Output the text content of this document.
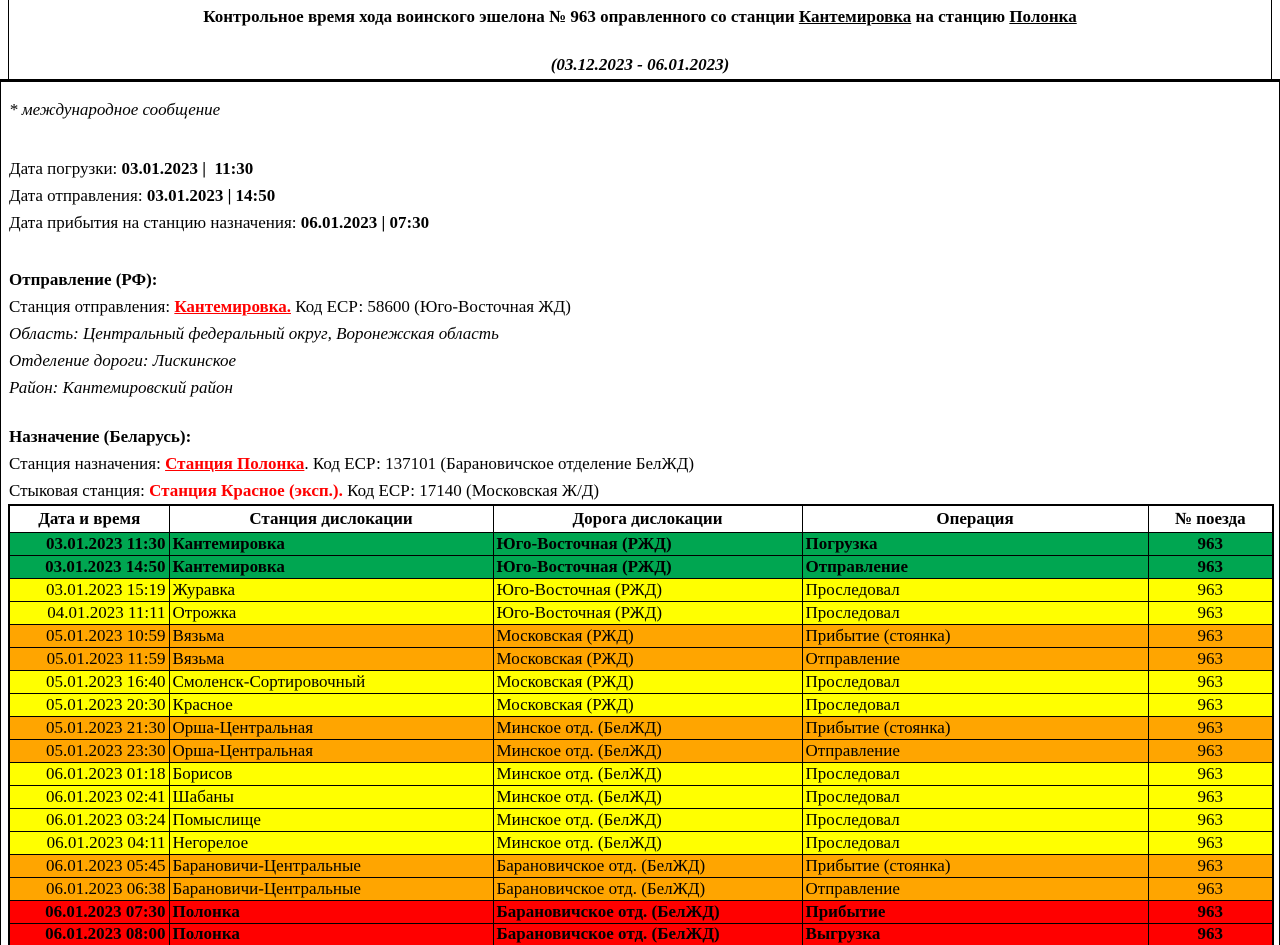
Контрольное время хода воинского эшелона № 963 оправленного со станции Кантемировка на станцию Полонка
(03.12.2023 - 06.01.2023)

* международное сообщение

Дата погрузки: 03.01.2023 |  11:30

Дата отправления: 03.01.2023 | 14:50

Дата прибытия на станцию назначения: 06.01.2023 | 07:30

Отправление (РФ):

Станция отправления: Кантемировка. Код ЕСР: 58600 (Юго-Восточная ЖД)

Область: Центральный федеральный округ, Воронежская область

Отделение дороги: Лискинское

Район: Кантемировский район

Назначение (Беларусь):

Станция назначения: Станция Полонка. Код ЕСР: 137101 (Барановичское отделение БелЖД)

Стыковая станция: Станция Красное (эксп.). Код ЕСР: 17140 (Московская Ж/Д)

Дата и время	Станция дислокации	Дорога дислокации	Операция	№ поезда
03.01.2023 11:30	Кантемировка	Юго-Восточная (РЖД)	Погрузка	963
03.01.2023 14:50	Кантемировка	Юго-Восточная (РЖД)	Отправление	963
03.01.2023 15:19	Журавка	Юго-Восточная (РЖД)	Проследовал	963
04.01.2023 11:11	Отрожка	Юго-Восточная (РЖД)	Проследовал	963
05.01.2023 10:59	Вязьма	Московская (РЖД)	Прибытие (стоянка)	963
05.01.2023 11:59	Вязьма	Московская (РЖД)	Отправление	963
05.01.2023 16:40	Смоленск-Сортировочный	Московская (РЖД)	Проследовал	963
05.01.2023 20:30	Красное	Московская (РЖД)	Проследовал	963
05.01.2023 21:30	Орша-Центральная	Минское отд. (БелЖД)	Прибытие (стоянка)	963
05.01.2023 23:30	Орша-Центральная	Минское отд. (БелЖД)	Отправление	963
06.01.2023 01:18	Борисов	Минское отд. (БелЖД)	Проследовал	963
06.01.2023 02:41	Шабаны	Минское отд. (БелЖД)	Проследовал	963
06.01.2023 03:24	Помыслище	Минское отд. (БелЖД)	Проследовал	963
06.01.2023 04:11	Негорелое	Минское отд. (БелЖД)	Проследовал	963
06.01.2023 05:45	Барановичи-Центральные	Барановичское отд. (БелЖД)	Прибытие (стоянка)	963
06.01.2023 06:38	Барановичи-Центральные	Барановичское отд. (БелЖД)	Отправление	963
06.01.2023 07:30	Полонка	Барановичское отд. (БелЖД)	Прибытие	963
06.01.2023 08:00	Полонка	Барановичское отд. (БелЖД)	Выгрузка	963
